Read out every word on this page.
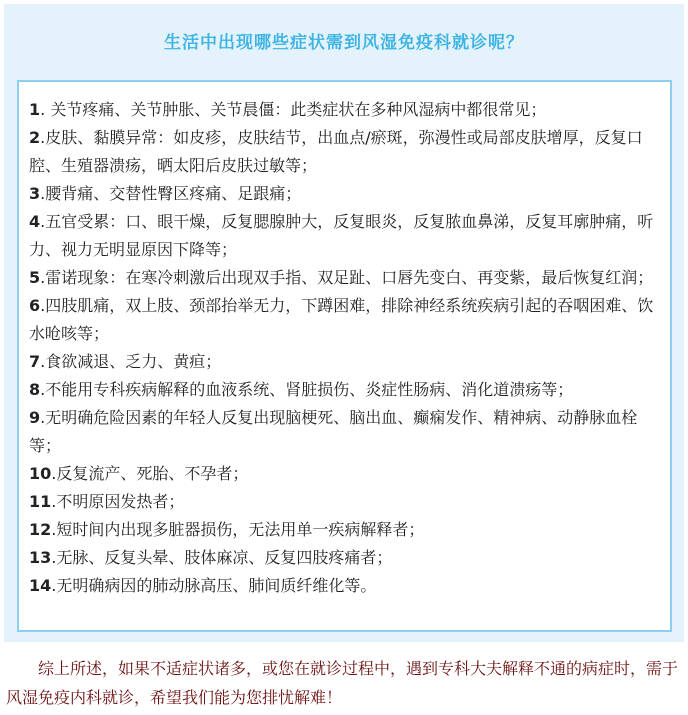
生活中出现哪些症状需到风湿免疫科就诊呢？

1. 关节疼痛、关节肿胀、关节晨僵：此类症状在多种风湿病中都很常见；

2.皮肤、黏膜异常：如皮疹，皮肤结节，出血点/瘀斑，弥漫性或局部皮肤增厚，反复口腔、生殖器溃疡，晒太阳后皮肤过敏等；

3.腰背痛、交替性臀区疼痛、足跟痛；

4.五官受累：口、眼干燥，反复腮腺肿大，反复眼炎，反复脓血鼻涕，反复耳廓肿痛，听力、视力无明显原因下降等；

5.雷诺现象：在寒冷刺激后出现双手指、双足趾、口唇先变白、再变紫，最后恢复红润；

6.四肢肌痛，双上肢、颈部抬举无力，下蹲困难，排除神经系统疾病引起的吞咽困难、饮水呛咳等；

7.食欲减退、乏力、黄疸；

8.不能用专科疾病解释的血液系统、肾脏损伤、炎症性肠病、消化道溃疡等；

9.无明确危险因素的年轻人反复出现脑梗死、脑出血、癫痫发作、精神病、动静脉血栓等；

10.反复流产、死胎、不孕者；

11.不明原因发热者；

12.短时间内出现多脏器损伤，无法用单一疾病解释者；

13.无脉、反复头晕、肢体麻凉、反复四肢疼痛者；

14.无明确病因的肺动脉高压、肺间质纤维化等。

综上所述，如果不适症状诸多，或您在就诊过程中，遇到专科大夫解释不通的病症时，需于风湿免疫内科就诊，希望我们能为您排忧解难！
